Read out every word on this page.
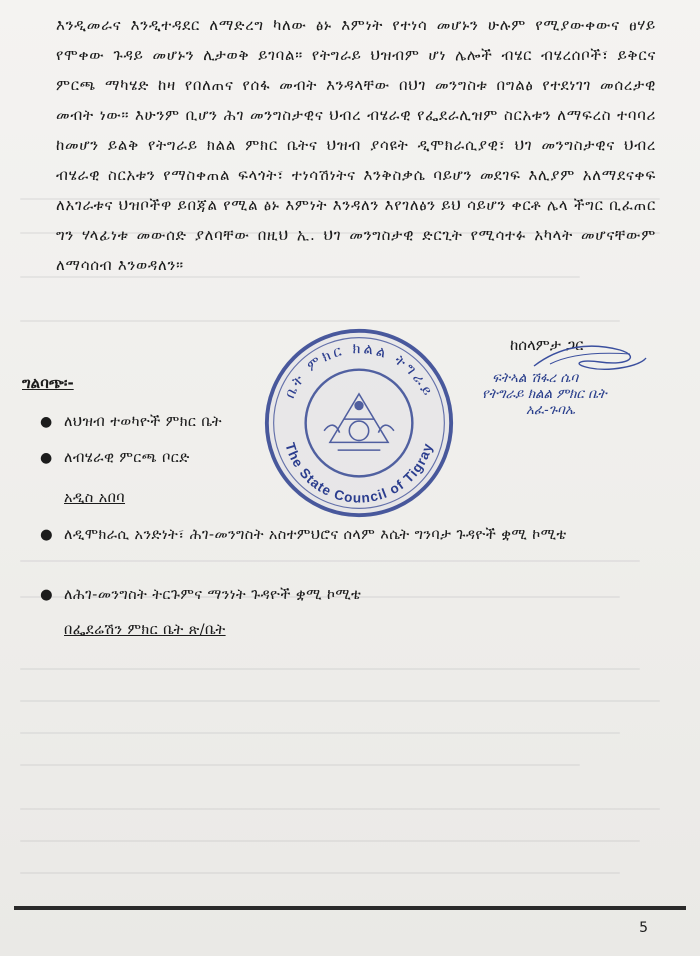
እንዲመራና እንዲተዳደር ለማድረግ ካለው ፅኑ እምነት የተነሳ መሆኑን ሁሉም የሚያውቀውና ፀሃይ የሞቀው ጉዳይ መሆኑን ሊታወቅ ይገባል። የትግራይ ህዝብም ሆነ ሌሎች ብሄር ብሄረሰቦች፣ ይቅርና ምርጫ ማካሄድ ከዛ የበለጠና የሰፋ መብት እንዳላቸው በህገ መንግስቱ በግልፅ የተደነገገ መሰረታዊ መብት ነው። እሁንም ቢሆን ሕገ መንግስታዊና ህብረ ብሄራዊ የፌደራሊዝም ስርአቱን ለማፍረስ ተባባሪ ከመሆን ይልቅ የትግራይ ክልል ምክር ቤትና ህዝብ ያሳዩት ዲሞክራሲያዊ፣ ህገ መንግስታዊና ህብረ ብሄራዊ ስርአቱን የማስቀጠል ፍላጎት፣ ተነሳሽነትና እንቅስቃሴ ባይሆን መደገፍ እሊያም አለማደናቀፍ ለአገራቱና ህዝቦችዋ ይበጃል የሚል ፅኑ እምነት እንዳለን እየገለፅን ይህ ሳይሆን ቀርቶ ሌላ ችግር ቢፈጠር ግን ሃላፊነቱ መውሰድ ያለባቸው በዚህ ኢ. ህገ መንግስታዊ ድርጊት የሚሳተፉ አካላት መሆናቸውም ለማሳሰብ እንወዳለን።
ከሰላምታ ጋር
ፍትኣል ሽፋረ ሴባ
የትግራይ ክልል ምክር ቤት
አፈ-ጉባኤ
ቤት ምክር ክልል ትግራይ
The State Council of Tigray
ግልባጭ፡-
● ለህዝብ ተወካዮች ምክር ቤት
● ለብሄራዊ ምርጫ ቦርድ
አዲስ አበባ
● ለዲሞክራሲ አንድነት፣ ሕገ-መንግስት አስተምህሮና ሰላም እሴት ግንባታ ጉዳዮች ቋሚ ኮሚቴ
● ለሕገ-መንግስት ትርጉምና ማንነት ጉዳዮች ቋሚ ኮሚቴ
በፌደሬሽን ምክር ቤት ጽ/ቤት
5
